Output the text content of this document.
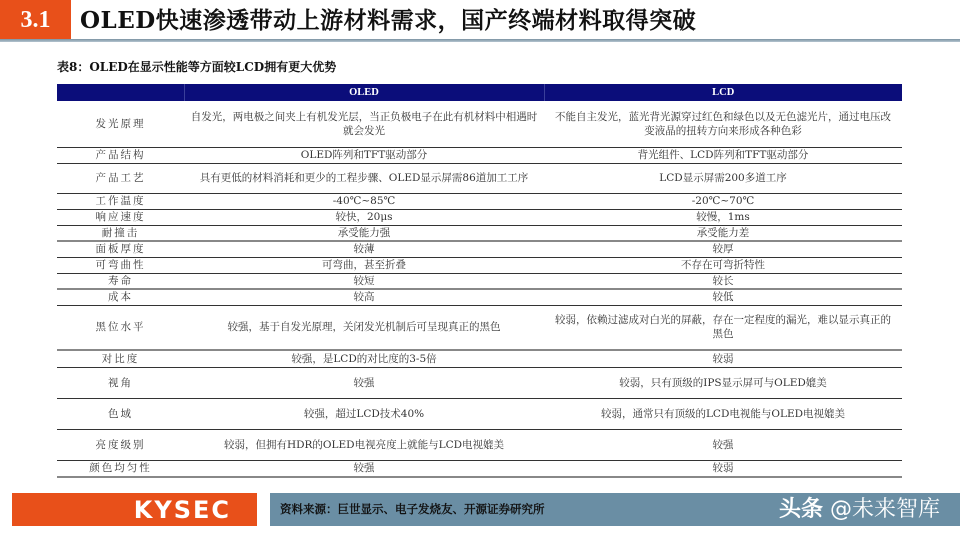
3.1	OLED快速渗透带动上游材料需求，国产终端材料取得突破
表8：OLED在显示性能等方面较LCD拥有更大优势
	OLED	LCD
发光原理	自发光，两电极之间夹上有机发光层，当正负极电子在此有机材料中相遇时就会发光	不能自主发光，蓝光背光源穿过红色和绿色以及无色滤光片，通过电压改变液晶的扭转方向来形成各种色彩
产品结构	OLED阵列和TFT驱动部分	背光组件、LCD阵列和TFT驱动部分
产品工艺	具有更低的材料消耗和更少的工程步骤、OLED显示屏需86道加工工序	LCD显示屏需200多道工序
工作温度	-40℃~85℃	-20℃~70℃
响应速度	较快，20μs	较慢，1ms
耐撞击	承受能力强	承受能力差
面板厚度	较薄	较厚
可弯曲性	可弯曲，甚至折叠	不存在可弯折特性
寿命	较短	较长
成本	较高	较低
黑位水平	较强，基于自发光原理，关闭发光机制后可呈现真正的黑色	较弱，依赖过滤成对白光的屏蔽，存在一定程度的漏光，难以显示真正的黑色
对比度	较强，是LCD的对比度的3-5倍	较弱
视角	较强	较弱，只有顶级的IPS显示屏可与OLED媲美
色域	较强，超过LCD技术40%	较弱，通常只有顶级的LCD电视能与OLED电视媲美
亮度级别	较弱，但拥有HDR的OLED电视亮度上就能与LCD电视媲美	较强
颜色均匀性	较强	较弱
KYSEC	资料来源：巨世显示、电子发烧友、开源证券研究所	头条 @未来智库
